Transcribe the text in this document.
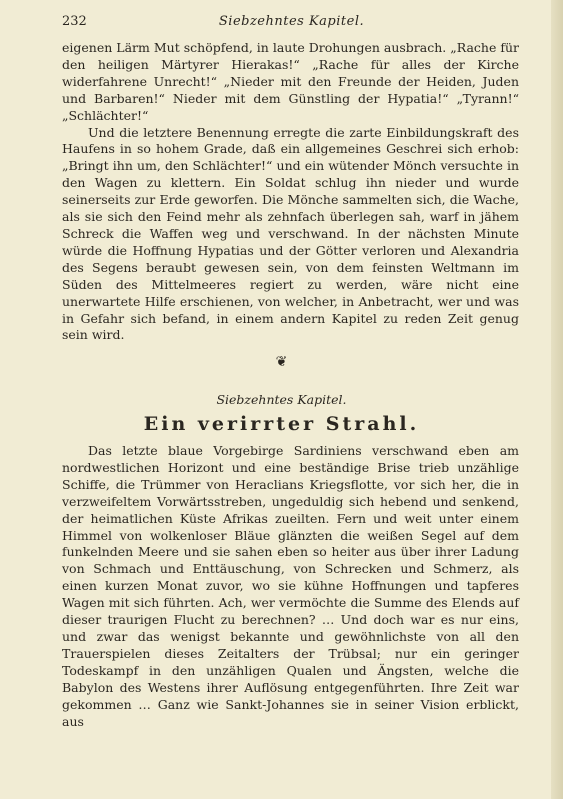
232	Siebzehntes Kapitel.

eigenen Lärm Mut schöpfend, in laute Drohungen ausbrach. „Rache für den heiligen Märtyrer Hierakas!“ „Rache für alles der Kirche widerfahrene Unrecht!“ „Nieder mit den Freunde der Heiden, Juden und Barbaren!“ Nieder mit dem Günstling der Hypatia!“ „Tyrann!“ „Schlächter!“

Und die letztere Benennung erregte die zarte Einbildungskraft des Haufens in so hohem Grade, daß ein allgemeines Geschrei sich erhob: „Bringt ihn um, den Schlächter!“ und ein wütender Mönch versuchte in den Wagen zu klettern. Ein Soldat schlug ihn nieder und wurde seinerseits zur Erde geworfen. Die Mönche sammelten sich, die Wache, als sie sich den Feind mehr als zehnfach überlegen sah, warf in jähem Schreck die Waffen weg und verschwand. In der nächsten Minute würde die Hoffnung Hypatias und der Götter verloren und Alexandria des Segens beraubt gewesen sein, von dem feinsten Weltmann im Süden des Mittelmeeres regiert zu werden, wäre nicht eine unerwartete Hilfe erschienen, von welcher, in Anbetracht, wer und was in Gefahr sich befand, in einem andern Kapitel zu reden Zeit genug sein wird.

❦
Siebzehntes Kapitel.
Ein verirrter Strahl.

Das letzte blaue Vorgebirge Sardiniens verschwand eben am nordwestlichen Horizont und eine beständige Brise trieb unzählige Schiffe, die Trümmer von Heraclians Kriegsflotte, vor sich her, die in verzweifeltem Vorwärtsstreben, ungeduldig sich hebend und senkend, der heimatlichen Küste Afrikas zueilten. Fern und weit unter einem Himmel von wolkenloser Bläue glänzten die weißen Segel auf dem funkelnden Meere und sie sahen eben so heiter aus über ihrer Ladung von Schmach und Enttäuschung, von Schrecken und Schmerz, als einen kurzen Monat zuvor, wo sie kühne Hoffnungen und tapferes Wagen mit sich führten. Ach, wer vermöchte die Summe des Elends auf dieser traurigen Flucht zu berechnen? … Und doch war es nur eins, und zwar das wenigst bekannte und gewöhnlichste von all den Trauerspielen dieses Zeitalters der Trübsal; nur ein geringer Todeskampf in den unzähligen Qualen und Ängsten, welche die Babylon des Westens ihrer Auflösung entgegenführten. Ihre Zeit war gekommen … Ganz wie Sankt-Johannes sie in seiner Vision erblickt, aus
